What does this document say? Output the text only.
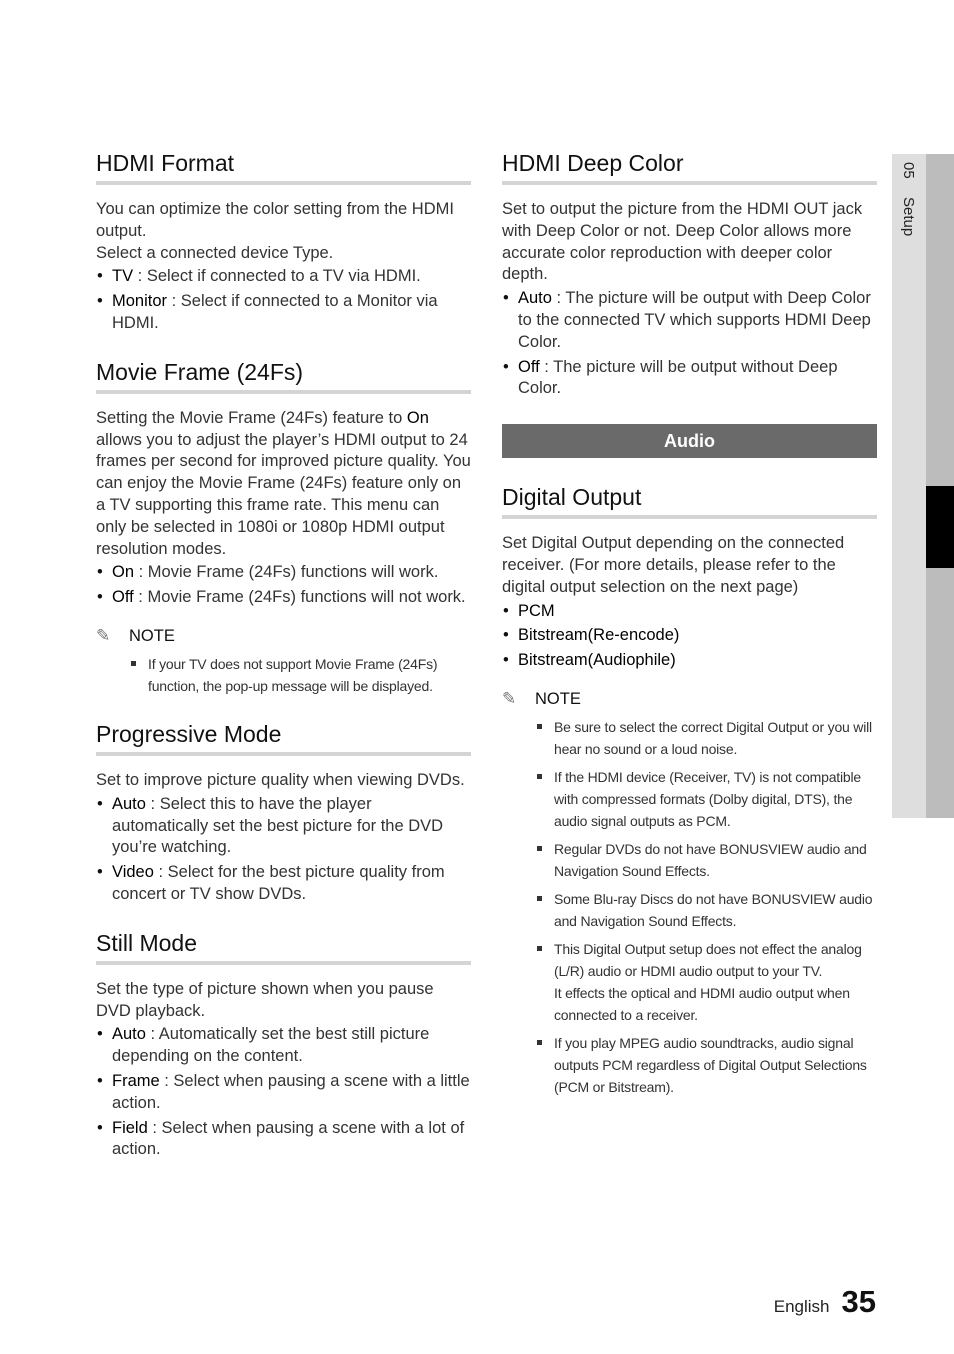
HDMI Format

You can optimize the color setting from the HDMI output.

Select a connected device Type.

• TV : Select if connected to a TV via HDMI.
• Monitor : Select if connected to a Monitor via HDMI.
Movie Frame (24Fs)

Setting the Movie Frame (24Fs) feature to On allows you to adjust the player’s HDMI output to 24 frames per second for improved picture quality. You can enjoy the Movie Frame (24Fs) feature only on a TV supporting this frame rate. This menu can only be selected in 1080i or 1080p HDMI output resolution modes.

• On : Movie Frame (24Fs) functions will work.
• Off : Movie Frame (24Fs) functions will not work.
✎	NOTE
If your TV does not support Movie Frame (24Fs) function, the pop-up message will be displayed.
Progressive Mode

Set to improve picture quality when viewing DVDs.

• Auto : Select this to have the player automatically set the best picture for the DVD you’re watching.
• Video : Select for the best picture quality from concert or TV show DVDs.
Still Mode

Set the type of picture shown when you pause DVD playback.

• Auto : Automatically set the best still picture depending on the content.
• Frame : Select when pausing a scene with a little action.
• Field : Select when pausing a scene with a lot of action.
HDMI Deep Color

Set to output the picture from the HDMI OUT jack with Deep Color or not. Deep Color allows more accurate color reproduction with deeper color depth.

• Auto : The picture will be output with Deep Color to the connected TV which supports HDMI Deep Color.
• Off : The picture will be output without Deep Color.
Audio
Digital Output

Set Digital Output depending on the connected receiver. (For more details, please refer to the digital output selection on the next page)

• PCM
• Bitstream(Re-encode)
• Bitstream(Audiophile)
✎	NOTE
Be sure to select the correct Digital Output or you will hear no sound or a loud noise.
If the HDMI device (Receiver, TV) is not compatible with compressed formats (Dolby digital, DTS), the audio signal outputs as PCM.
Regular DVDs do not have BONUSVIEW audio and Navigation Sound Effects.
Some Blu-ray Discs do not have BONUSVIEW audio and Navigation Sound Effects.
This Digital Output setup does not effect the analog (L/R) audio or HDMI audio output to your TV.
It effects the optical and HDMI audio output when connected to a receiver.
If you play MPEG audio soundtracks, audio signal outputs PCM regardless of Digital Output Selections (PCM or Bitstream).
05 Setup
English 35
